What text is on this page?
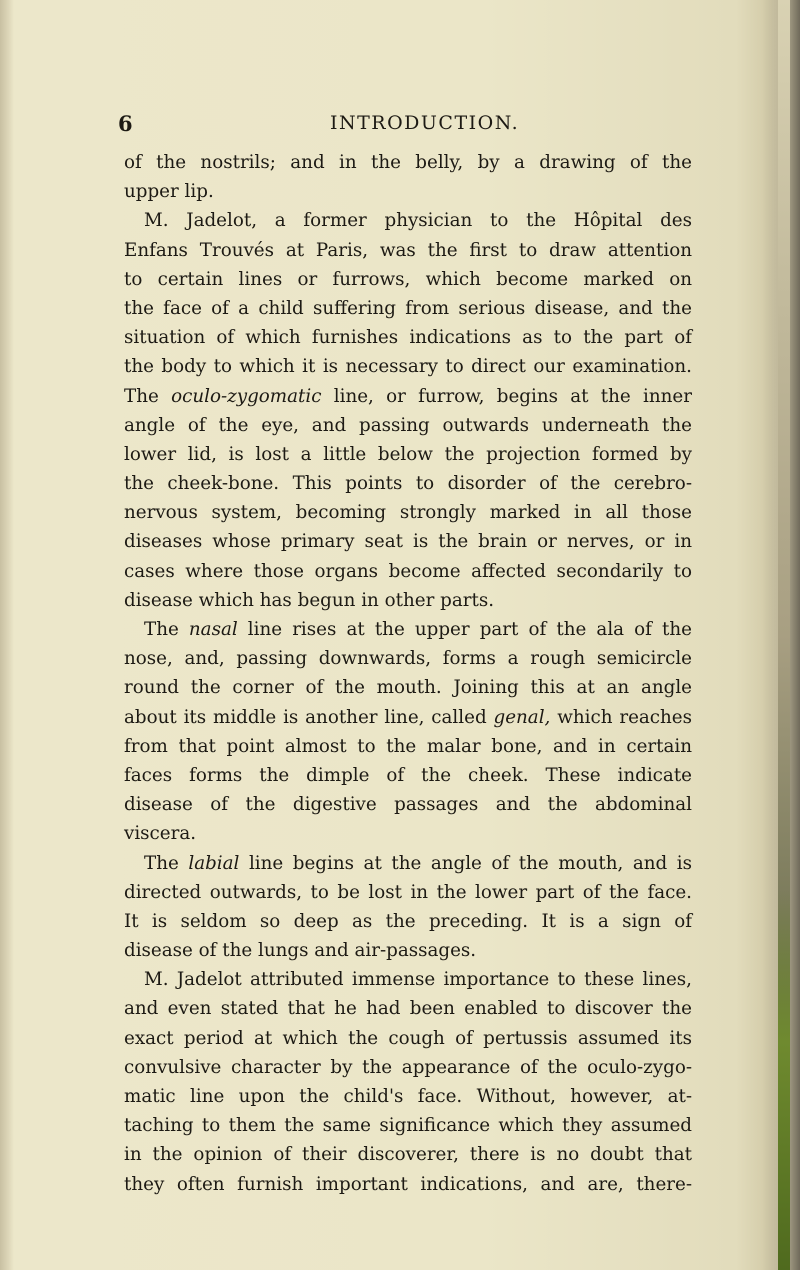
6	INTRODUCTION.
of the nostrils; and in the belly, by a drawing of the
upper lip.
M. Jadelot, a former physician to the Hôpital des
Enfans Trouvés at Paris, was the first to draw attention
to certain lines or furrows, which become marked on
the face of a child suffering from serious disease, and the
situation of which furnishes indications as to the part of
the body to which it is necessary to direct our examination.
The oculo-zygomatic line, or furrow, begins at the inner
angle of the eye, and passing outwards underneath the
lower lid, is lost a little below the projection formed by
the cheek-bone. This points to disorder of the cerebro-
nervous system, becoming strongly marked in all those
diseases whose primary seat is the brain or nerves, or in
cases where those organs become affected secondarily to
disease which has begun in other parts.
The nasal line rises at the upper part of the ala of the
nose, and, passing downwards, forms a rough semicircle
round the corner of the mouth. Joining this at an angle
about its middle is another line, called genal, which reaches
from that point almost to the malar bone, and in certain
faces forms the dimple of the cheek. These indicate
disease of the digestive passages and the abdominal
viscera.
The labial line begins at the angle of the mouth, and is
directed outwards, to be lost in the lower part of the face.
It is seldom so deep as the preceding. It is a sign of
disease of the lungs and air-passages.
M. Jadelot attributed immense importance to these lines,
and even stated that he had been enabled to discover the
exact period at which the cough of pertussis assumed its
convulsive character by the appearance of the oculo-zygo-
matic line upon the child's face. Without, however, at-
taching to them the same significance which they assumed
in the opinion of their discoverer, there is no doubt that
they often furnish important indications, and are, there-
